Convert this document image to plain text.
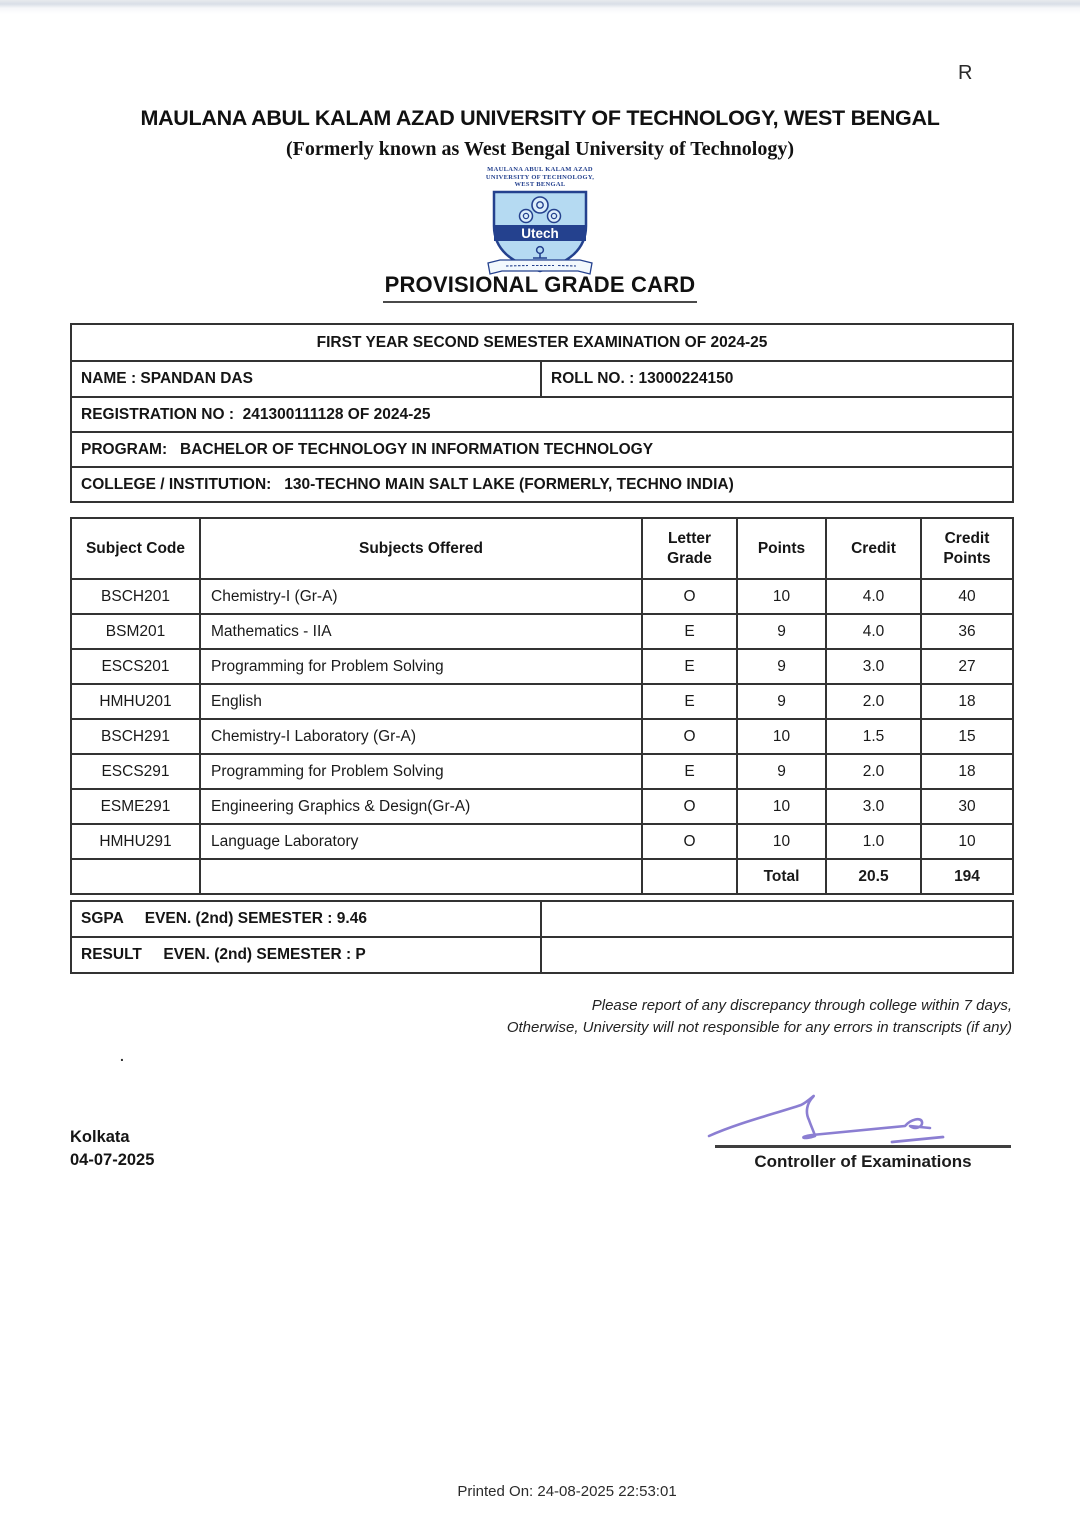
R
MAULANA ABUL KALAM AZAD UNIVERSITY OF TECHNOLOGY, WEST BENGAL
(Formerly known as West Bengal University of Technology)
MAULANA ABUL KALAM AZAD
UNIVERSITY OF TECHNOLOGY,
WEST BENGAL
Utech
PROVISIONAL GRADE CARD
FIRST YEAR SECOND SEMESTER EXAMINATION OF 2024-25
NAME : SPANDAN DAS	ROLL NO. : 13000224150
REGISTRATION NO :  241300111128 OF 2024-25
PROGRAM:   BACHELOR OF TECHNOLOGY IN INFORMATION TECHNOLOGY
COLLEGE / INSTITUTION:   130-TECHNO MAIN SALT LAKE (FORMERLY, TECHNO INDIA)
Subject Code	Subjects Offered	Letter Grade	Points	Credit	Credit Points
BSCH201	Chemistry-I (Gr-A)	O	10	4.0	40
BSM201	Mathematics - IIA	E	9	4.0	36
ESCS201	Programming for Problem Solving	E	9	3.0	27
HMHU201	English	E	9	2.0	18
BSCH291	Chemistry-I Laboratory (Gr-A)	O	10	1.5	15
ESCS291	Programming for Problem Solving	E	9	2.0	18
ESME291	Engineering Graphics & Design(Gr-A)	O	10	3.0	30
HMHU291	Language Laboratory	O	10	1.0	10
			Total	20.5	194
SGPA     EVEN. (2nd) SEMESTER : 9.46	
RESULT     EVEN. (2nd) SEMESTER : P	
Please report of any discrepancy through college within 7 days,
Otherwise, University will not responsible for any errors in transcripts (if any)
.
Kolkata
04-07-2025	Controller of Examinations
Printed On: 24-08-2025 22:53:01
